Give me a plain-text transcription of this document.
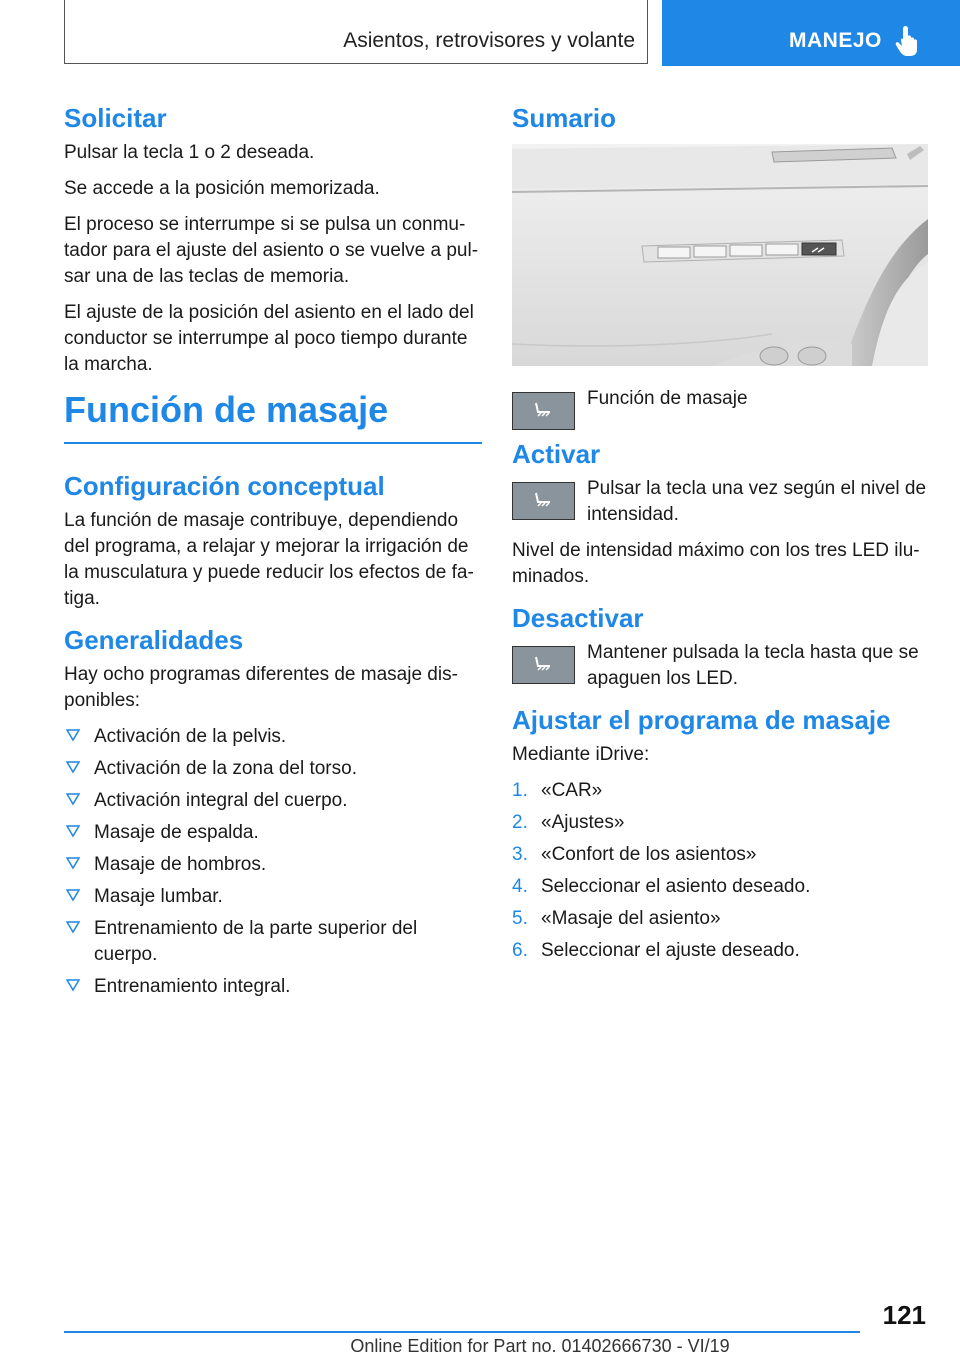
Asientos, retrovisores y volante	MANEJO
Solicitar

Pulsar la tecla 1 o 2 deseada.

Se accede a la posición memorizada.

El proceso se interrumpe si se pulsa un conmu‐ tador para el ajuste del asiento o se vuelve a pul‐ sar una de las teclas de memoria.

El ajuste de la posición del asiento en el lado del conductor se interrumpe al poco tiempo durante la marcha.

Función de masaje
Configuración conceptual

La función de masaje contribuye, dependiendo del programa, a relajar y mejorar la irrigación de la musculatura y puede reducir los efectos de fa‐ tiga.

Generalidades

Hay ocho programas diferentes de masaje dis‐ ponibles:

Activación de la pelvis.
Activación de la zona del torso.
Activación integral del cuerpo.
Masaje de espalda.
Masaje de hombros.
Masaje lumbar.
Entrenamiento de la parte superior del cuerpo.
Entrenamiento integral.
Sumario

Función de masaje

Activar

Pulsar la tecla una vez según el nivel de intensidad.

Nivel de intensidad máximo con los tres LED ilu‐ minados.

Desactivar

Mantener pulsada la tecla hasta que se apaguen los LED.

Ajustar el programa de masaje

Mediante iDrive:

1. «CAR»
2. «Ajustes»
3. «Confort de los asientos»
4. Seleccionar el asiento deseado.
5. «Masaje del asiento»
6. Seleccionar el ajuste deseado.
121
Online Edition for Part no. 01402666730 - VI/19
